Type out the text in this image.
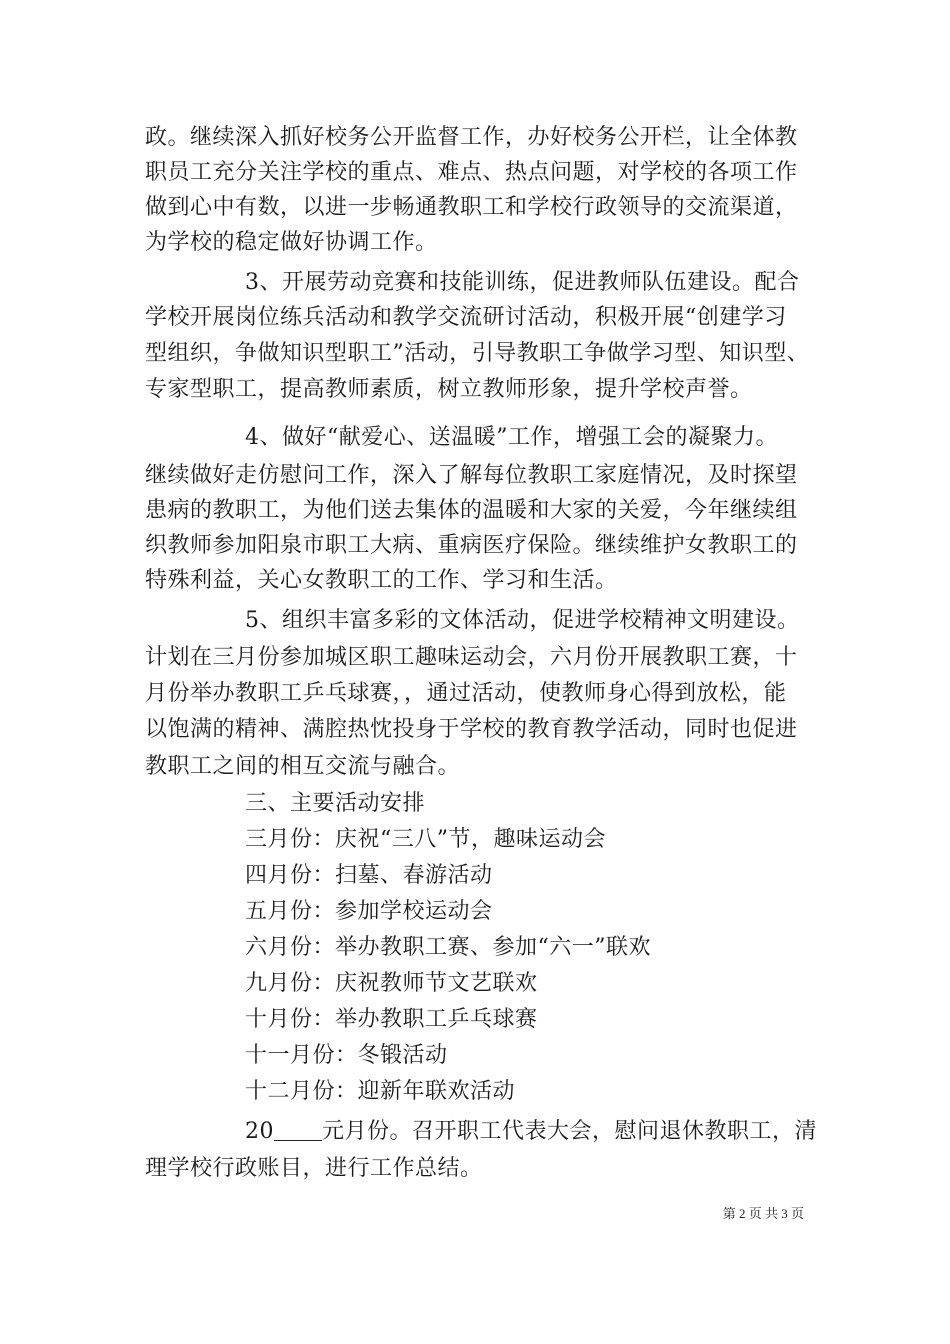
政。继续深入抓好校务公开监督工作，办好校务公开栏，让全体教
职员工充分关注学校的重点、难点、热点问题，对学校的各项工作
做到心中有数，以进一步畅通教职工和学校行政领导的交流渠道，
为学校的稳定做好协调工作。
3、开展劳动竞赛和技能训练，促进教师队伍建设。配合
学校开展岗位练兵活动和教学交流研讨活动，积极开展“创建学习
型组织，争做知识型职工”活动，引导教职工争做学习型、知识型、
专家型职工，提高教师素质，树立教师形象，提升学校声誉。
4、做好“献爱心、送温暖”工作，增强工会的凝聚力。
继续做好走仿慰问工作，深入了解每位教职工家庭情况，及时探望
患病的教职工，为他们送去集体的温暖和大家的关爱，今年继续组
织教师参加阳泉市职工大病、重病医疗保险。继续维护女教职工的
特殊利益，关心女教职工的工作、学习和生活。
5、组织丰富多彩的文体活动，促进学校精神文明建设。
计划在三月份参加城区职工趣味运动会，六月份开展教职工赛，十
月份举办教职工乒乓球赛，，通过活动，使教师身心得到放松，能
以饱满的精神、满腔热忱投身于学校的教育教学活动，同时也促进
教职工之间的相互交流与融合。
三、主要活动安排
三月份：庆祝“三八”节，趣味运动会
四月份：扫墓、春游活动
五月份：参加学校运动会
六月份：举办教职工赛、参加“六一”联欢
九月份：庆祝教师节文艺联欢
十月份：举办教职工乒乓球赛
十一月份：冬锻活动
十二月份：迎新年联欢活动
20 元月份。召开职工代表大会，慰问退休教职工，清
理学校行政账目，进行工作总结。
第 2 页 共 3 页
